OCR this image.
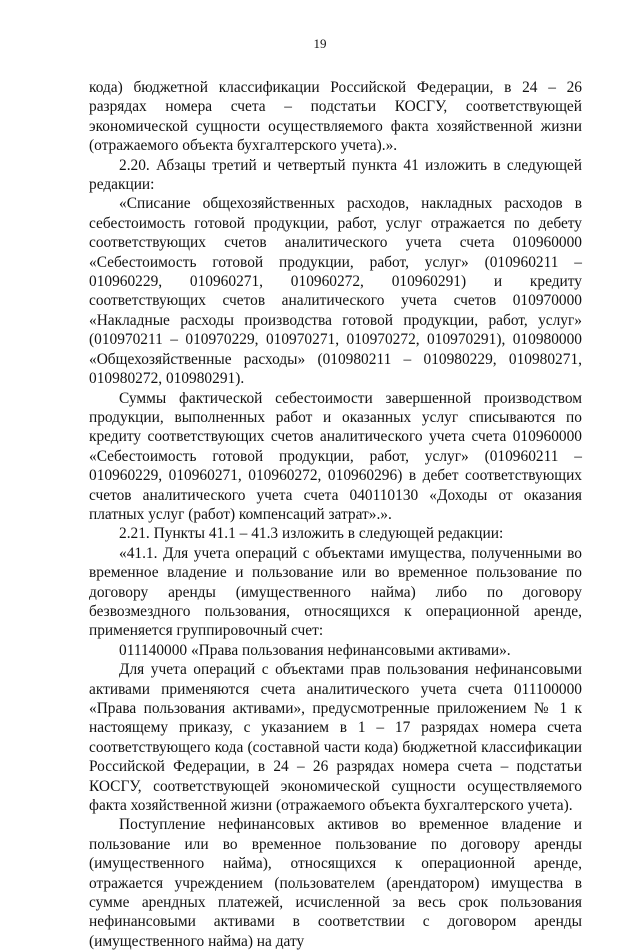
19

кода) бюджетной классификации Российской Федерации, в 24 – 26 разрядах номера счета – подстатьи КОСГУ, соответствующей экономической сущности осуществляемого факта хозяйственной жизни (отражаемого объекта бухгалтерского учета).».

2.20. Абзацы третий и четвертый пункта 41 изложить в следующей редакции:

«Списание общехозяйственных расходов, накладных расходов в себестоимость готовой продукции, работ, услуг отражается по дебету соответствующих счетов аналитического учета счета 010960000 «Себестоимость готовой продукции, работ, услуг» (010960211 – 010960229, 010960271, 010960272, 010960291) и кредиту соответствующих счетов аналитического учета счетов 010970000 «Накладные расходы производства готовой продукции, работ, услуг» (010970211 – 010970229, 010970271, 010970272, 010970291), 010980000 «Общехозяйственные расходы» (010980211 – 010980229, 010980271, 010980272, 010980291).

Суммы фактической себестоимости завершенной производством продукции, выполненных работ и оказанных услуг списываются по кредиту соответствующих счетов аналитического учета счета 010960000 «Себестоимость готовой продукции, работ, услуг» (010960211 – 010960229, 010960271, 010960272, 010960296) в дебет соответствующих счетов аналитического учета счета 040110130 «Доходы от оказания платных услуг (работ) компенсаций затрат».».

2.21. Пункты 41.1 – 41.3 изложить в следующей редакции:

«41.1. Для учета операций с объектами имущества, полученными во временное владение и пользование или во временное пользование по договору аренды (имущественного найма) либо по договору безвозмездного пользования, относящихся к операционной аренде, применяется группировочный счет:

011140000 «Права пользования нефинансовыми активами».

Для учета операций с объектами прав пользования нефинансовыми активами применяются счета аналитического учета счета 011100000 «Права пользования активами», предусмотренные приложением № 1 к настоящему приказу, с указанием в 1 – 17 разрядах номера счета соответствующего кода (составной части кода) бюджетной классификации Российской Федерации, в 24 – 26 разрядах номера счета – подстатьи КОСГУ, соответствующей экономической сущности осуществляемого факта хозяйственной жизни (отражаемого объекта бухгалтерского учета).

Поступление нефинансовых активов во временное владение и пользование или во временное пользование по договору аренды (имущественного найма), относящихся к операционной аренде, отражается учреждением (пользователем (арендатором) имущества в сумме арендных платежей, исчисленной за весь срок пользования нефинансовыми активами в соответствии с договором аренды (имущественного найма) на дату
